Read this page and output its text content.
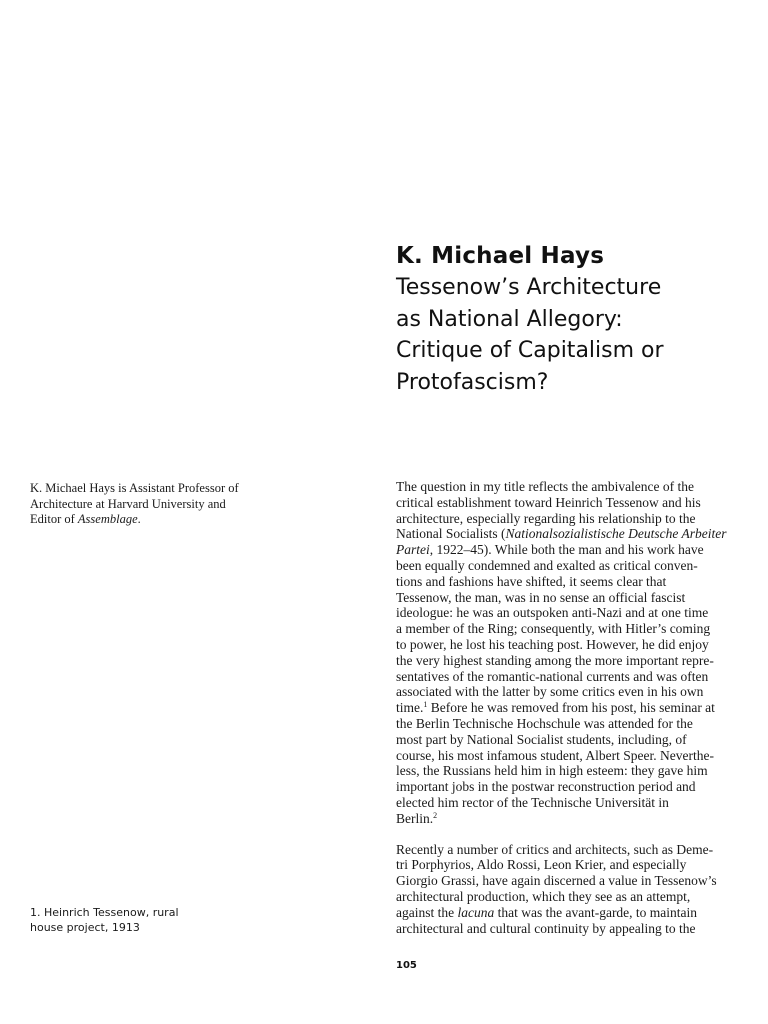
K. Michael Hays
Tessenow’s Architecture
as National Allegory:
Critique of Capitalism or
Protofascism?

K. Michael Hays is Assistant Professor of
Architecture at Harvard University and
Editor of Assemblage.

1. Heinrich Tessenow, rural
house project, 1913

The question in my title reflects the ambivalence of the
critical establishment toward Heinrich Tessenow and his
architecture, especially regarding his relationship to the
National Socialists (Nationalsozialistische Deutsche Arbeiter
Partei, 1922–45). While both the man and his work have
been equally condemned and exalted as critical conven-
tions and fashions have shifted, it seems clear that
Tessenow, the man, was in no sense an official fascist
ideologue: he was an outspoken anti-Nazi and at one time
a member of the Ring; consequently, with Hitler’s coming
to power, he lost his teaching post. However, he did enjoy
the very highest standing among the more important repre-
sentatives of the romantic-national currents and was often
associated with the latter by some critics even in his own
time.$^1$ Before he was removed from his post, his seminar at
the Berlin Technische Hochschule was attended for the
most part by National Socialist students, including, of
course, his most infamous student, Albert Speer. Neverthe-
less, the Russians held him in high esteem: they gave him
important jobs in the postwar reconstruction period and
elected him rector of the Technische Universität in
Berlin.$^2$

Recently a number of critics and architects, such as Deme-
tri Porphyrios, Aldo Rossi, Leon Krier, and especially
Giorgio Grassi, have again discerned a value in Tessenow’s
architectural production, which they see as an attempt,
against the lacuna that was the avant-garde, to maintain
architectural and cultural continuity by appealing to the

105
